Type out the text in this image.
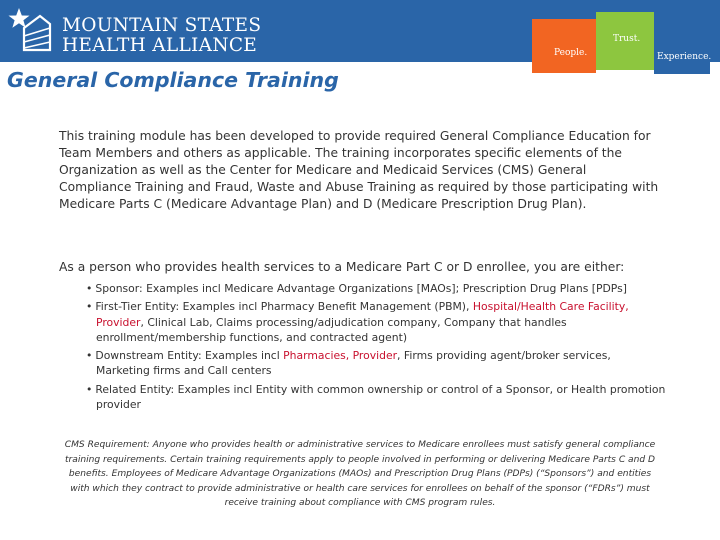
MOUNTAIN STATES
HEALTH ALLIANCE	People.
Trust.
Experience.
General Compliance Training

This training module has been developed to provide required General Compliance Education for Team Members and others as applicable. The training incorporates specific elements of the Organization as well as the Center for Medicare and Medicaid Services (CMS) General Compliance Training and Fraud, Waste and Abuse Training as required by those participating with Medicare Parts C (Medicare Advantage Plan) and D (Medicare Prescription Drug Plan).

As a person who provides health services to a Medicare Part C or D enrollee, you are either:

• Sponsor: Examples incl Medicare Advantage Organizations [MAOs]; Prescription Drug Plans [PDPs]
• First-Tier Entity: Examples incl Pharmacy Benefit Management (PBM), Hospital/Health Care Facility, Provider, Clinical Lab, Claims processing/adjudication company, Company that handles enrollment/membership functions, and contracted agent)
• Downstream Entity: Examples incl Pharmacies, Provider, Firms providing agent/broker services, Marketing firms and Call centers
• Related Entity: Examples incl Entity with common ownership or control of a Sponsor, or Health promotion provider

CMS Requirement: Anyone who provides health or administrative services to Medicare enrollees must satisfy general compliance training requirements. Certain training requirements apply to people involved in performing or delivering Medicare Parts C and D benefits. Employees of Medicare Advantage Organizations (MAOs) and Prescription Drug Plans (PDPs) (“Sponsors”) and entities with which they contract to provide administrative or health care services for enrollees on behalf of the sponsor (“FDRs”) must receive training about compliance with CMS program rules.
